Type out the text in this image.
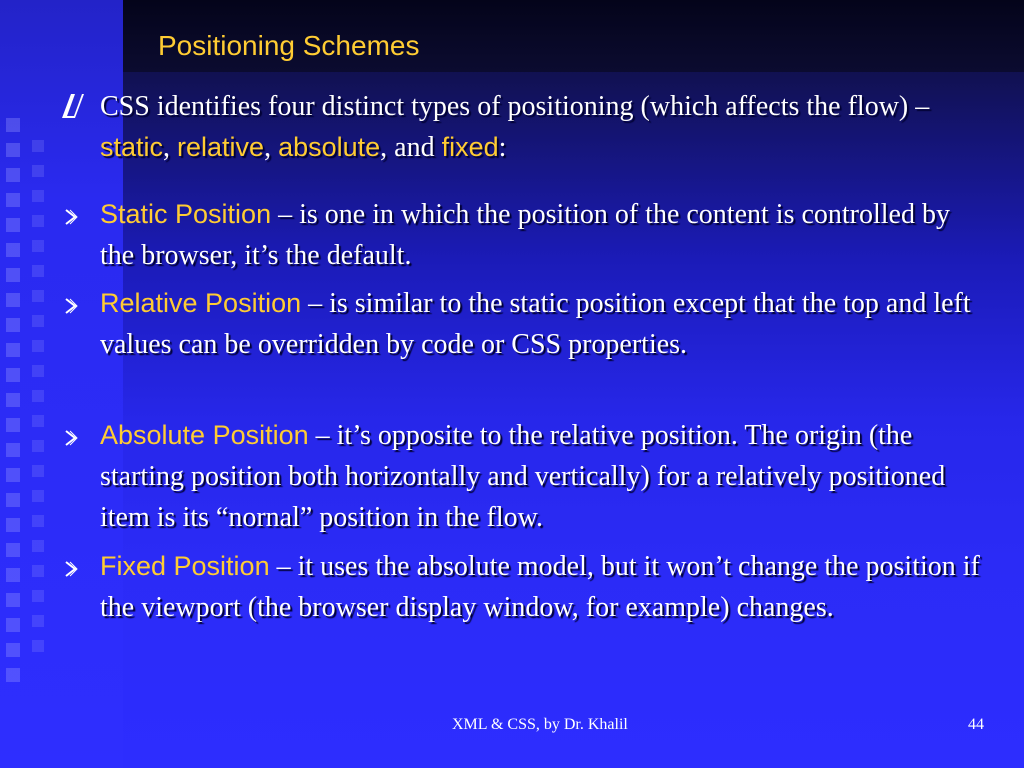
Positioning Schemes
CSS identifies four distinct types of positioning (which affects the flow) – static, relative, absolute, and fixed:
Static Position – is one in which the position of the content is controlled by the browser, it’s the default.
Relative Position – is similar to the static position except that the top and left values can be overridden by code or CSS properties.
Absolute Position – it’s opposite to the relative position. The origin (the starting position both horizontally and vertically) for a relatively positioned item is its “nornal” position in the flow.
Fixed Position – it uses the absolute model, but it won’t change the position if the viewport (the browser display window, for example) changes.
XML & CSS, by Dr. Khalil	44
